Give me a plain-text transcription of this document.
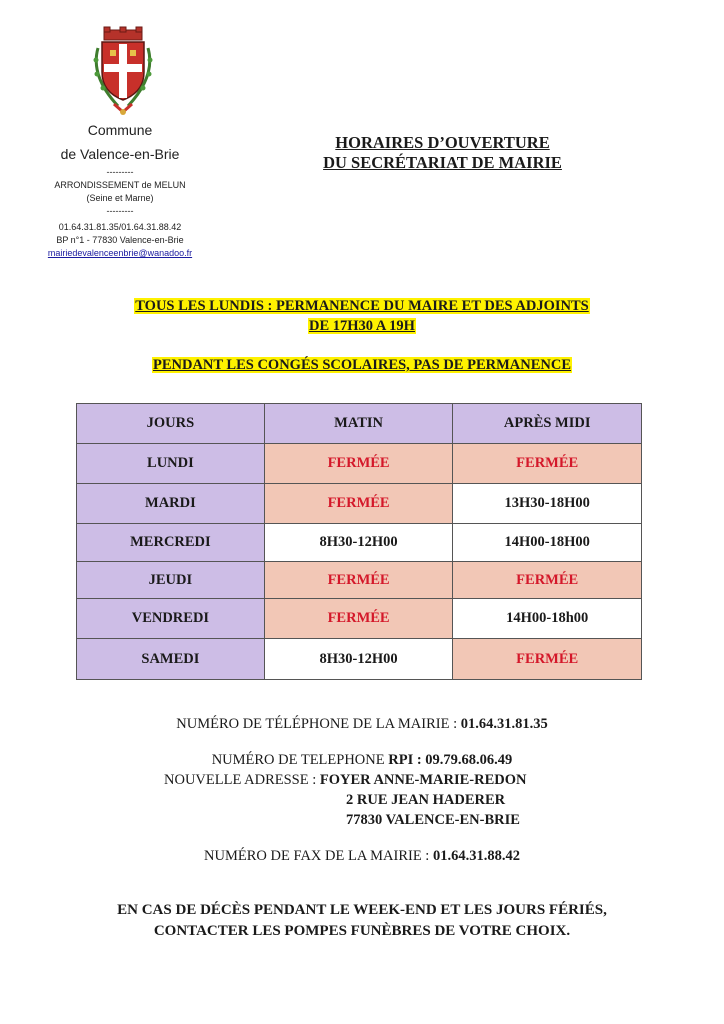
Commune
de Valence-en-Brie
---------
ARRONDISSEMENT de MELUN
(Seine et Marne)
---------
01.64.31.81.35/01.64.31.88.42
BP n°1 - 77830 Valence-en-Brie
mairiedevalenceenbrie@wanadoo.fr
HORAIRES D’OUVERTURE
DU SECRÉTARIAT DE MAIRIE
TOUS LES LUNDIS : PERMANENCE DU MAIRE ET DES ADJOINTS
DE 17H30 A 19H
PENDANT LES CONGÉS SCOLAIRES, PAS DE PERMANENCE
JOURS	MATIN	APRÈS MIDI
LUNDI	FERMÉE	FERMÉE
MARDI	FERMÉE	13H30-18H00
MERCREDI	8H30-12H00	14H00-18H00
JEUDI	FERMÉE	FERMÉE
VENDREDI	FERMÉE	14H00-18h00
SAMEDI	8H30-12H00	FERMÉE
NUMÉRO DE TÉLÉPHONE DE LA MAIRIE : 01.64.31.81.35
NUMÉRO DE TELEPHONE RPI : 09.79.68.06.49
NOUVELLE ADRESSE : FOYER ANNE-MARIE-REDON
2 RUE JEAN HADERER
77830 VALENCE-EN-BRIE
NUMÉRO DE FAX DE LA MAIRIE : 01.64.31.88.42
EN CAS DE DÉCÈS PENDANT LE WEEK-END ET LES JOURS FÉRIÉS,
CONTACTER LES POMPES FUNÈBRES DE VOTRE CHOIX.
